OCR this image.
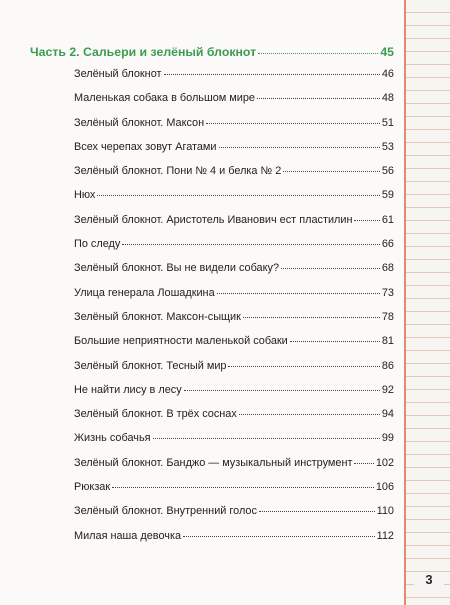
Часть 2. Сальери и зелёный блокнот	45
Зелёный блокнот	46
Маленькая собака в большом мире	48
Зелёный блокнот. Максон	51
Всех черепах зовут Агатами	53
Зелёный блокнот. Пони № 4 и белка № 2	56
Нюх	59
Зелёный блокнот. Аристотель Иванович ест пластилин	61
По следу	66
Зелёный блокнот. Вы не видели собаку?	68
Улица генерала Лошадкина	73
Зелёный блокнот. Максон-сыщик	78
Большие неприятности маленькой собаки	81
Зелёный блокнот. Тесный мир	86
Не найти лису в лесу	92
Зелёный блокнот. В трёх соснах	94
Жизнь собачья	99
Зелёный блокнот. Банджо — музыкальный инструмент 102
Рюкзак	106
Зелёный блокнот. Внутренний голос	110
Милая наша девочка	112
3
